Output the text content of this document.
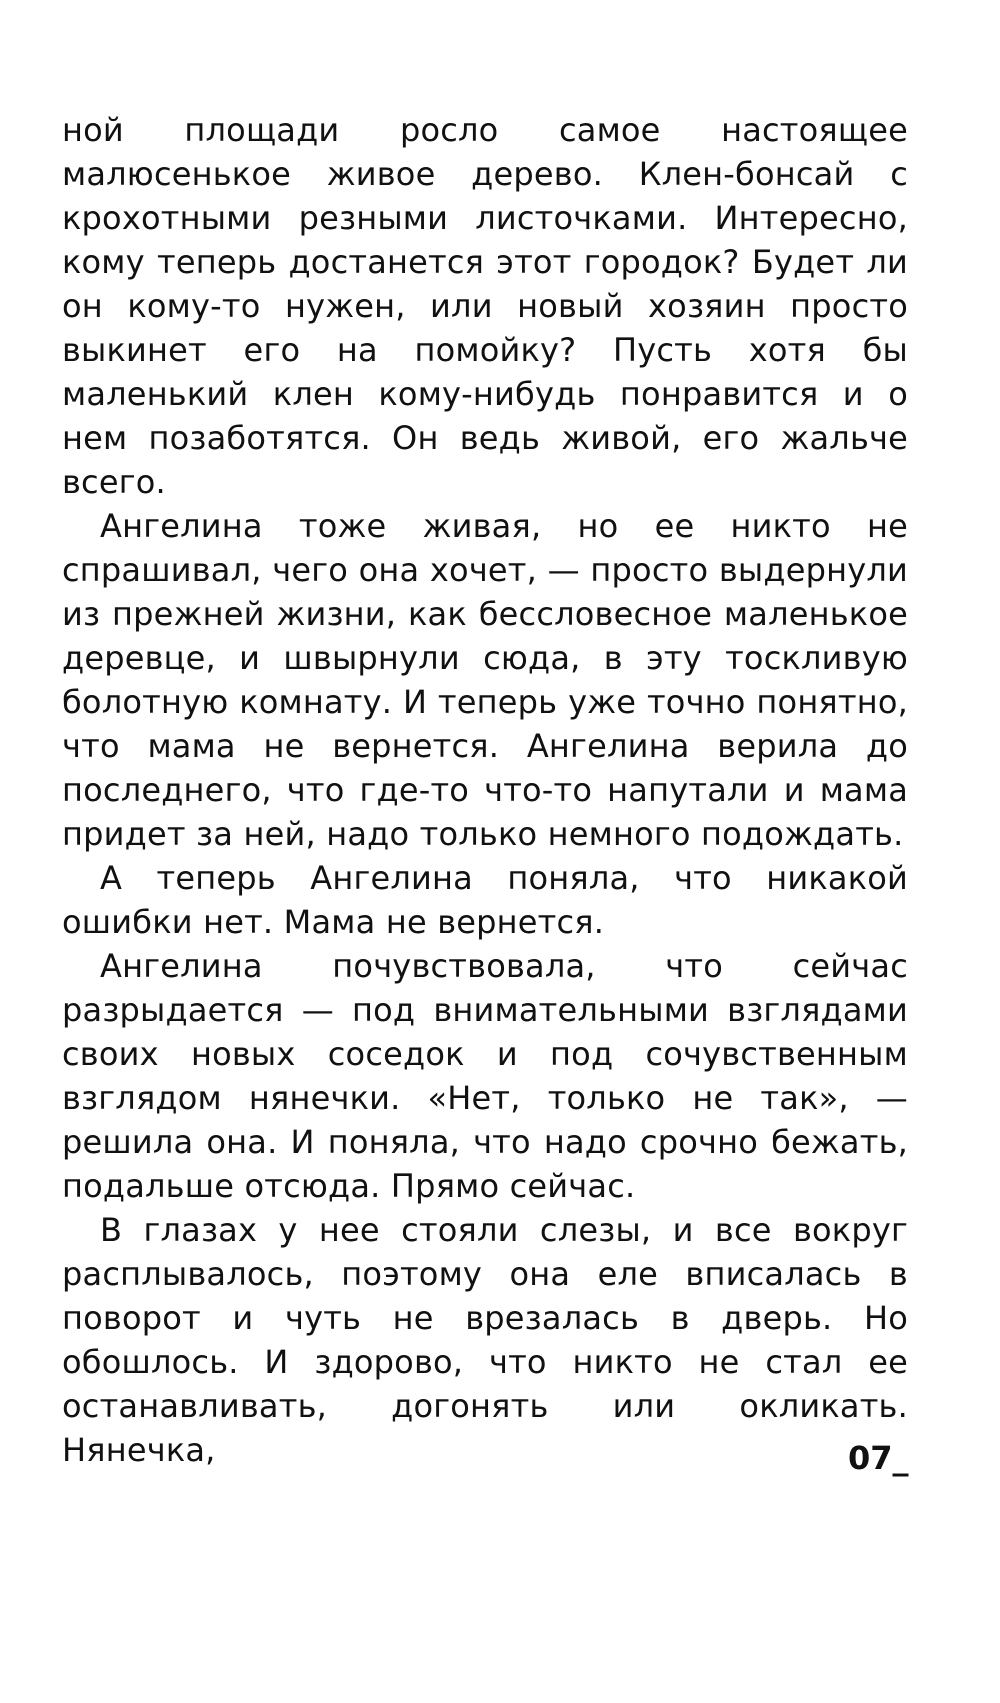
ной площади росло самое настоящее малюсенькое живое дерево. Клен-бонсай с крохотными резными листочками. Интересно, кому теперь достанется этот городок? Будет ли он кому-то нужен, или новый хозяин просто выкинет его на помойку? Пусть хотя бы маленький клен кому-нибудь понравится и о нем позаботятся. Он ведь живой, его жальче всего.

Ангелина тоже живая, но ее никто не спрашивал, чего она хочет, — просто выдернули из прежней жизни, как бессловесное маленькое деревце, и швырнули сюда, в эту тоскливую болотную комнату. И теперь уже точно понятно, что мама не вернется. Ангелина верила до последнего, что где-то что-то напутали и мама придет за ней, надо только немного подождать.

А теперь Ангелина поняла, что никакой ошибки нет. Мама не вернется.

Ангелина почувствовала, что сейчас разрыдается — под внимательными взглядами своих новых соседок и под сочувственным взглядом нянечки. «Нет, только не так», — решила она. И поняла, что надо срочно бежать, подальше отсюда. Прямо сейчас.

В глазах у нее стояли слезы, и все вокруг расплывалось, поэтому она еле вписалась в поворот и чуть не врезалась в дверь. Но обошлось. И здорово, что никто не стал ее останавливать, догонять или окликать. Нянечка,	07_
